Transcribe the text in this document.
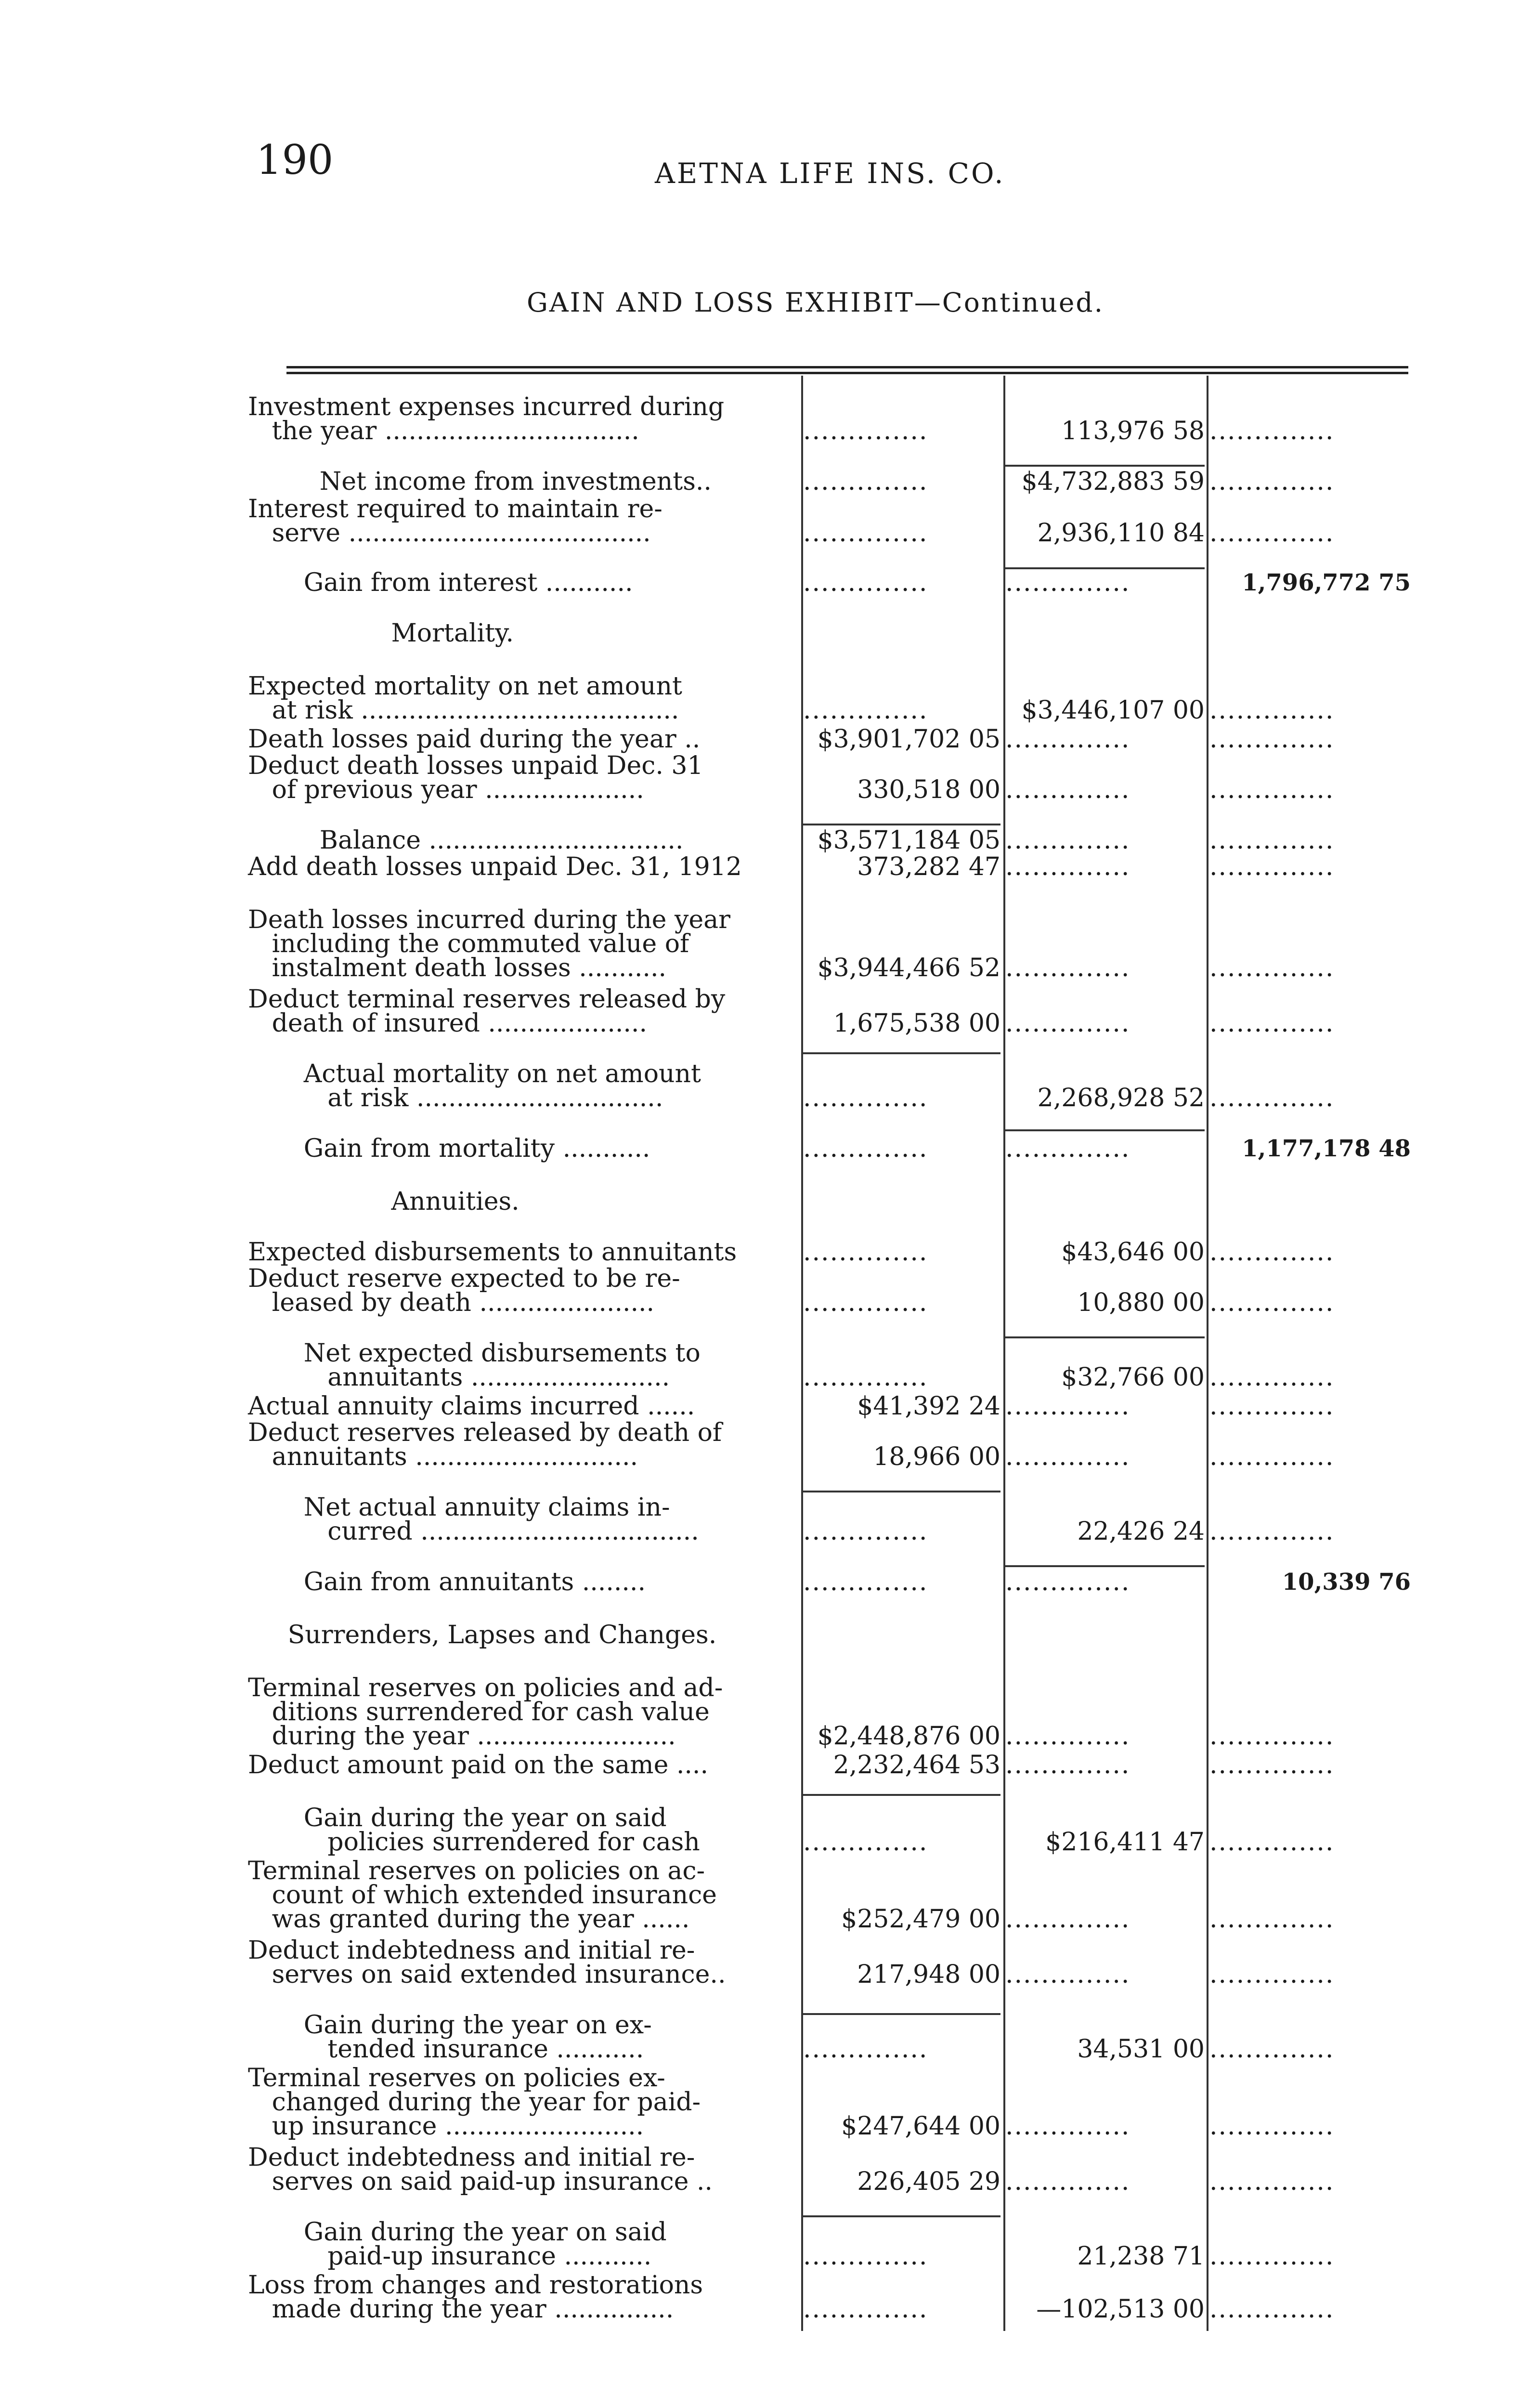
190	AETNA LIFE INS. CO.
GAIN AND LOSS EXHIBIT—Continued.
Investment expenses incurred during
the year ................................	..............	113,976 58 ..............
Net income from investments..	..............	$4,732,883 59 ..............
Interest required to maintain re-
serve ......................................	..............	2,936,110 84 ..............
Gain from interest ...........	..............	..............	1,796,772 75
Mortality.
Expected mortality on net amount
at risk ........................................	..............	$3,446,107 00 ..............
Death losses paid during the year ..	$3,901,702 05 ..............	..............
Deduct death losses unpaid Dec. 31
of previous year ....................	330,518 00 ..............	..............
Balance ................................	$3,571,184 05 ..............	..............
Add death losses unpaid Dec. 31, 1912	373,282 47 ..............	..............
Death losses incurred during the year
including the commuted value of
instalment death losses ...........	$3,944,466 52 ..............	..............
Deduct terminal reserves released by
death of insured ....................	1,675,538 00 ..............	..............
Actual mortality on net amount
at risk ...............................	..............	2,268,928 52 ..............
Gain from mortality ...........	..............	..............	1,177,178 48
Annuities.
Expected disbursements to annuitants	..............	$43,646 00 ..............
Deduct reserve expected to be re-
leased by death ......................	..............	10,880 00 ..............
Net expected disbursements to
annuitants .........................	..............	$32,766 00 ..............
Actual annuity claims incurred ......	$41,392 24 ..............	..............
Deduct reserves released by death of
annuitants ............................	18,966 00 ..............	..............
Net actual annuity claims in-
curred ...................................	..............	22,426 24 ..............
Gain from annuitants ........	..............	..............	10,339 76
Surrenders, Lapses and Changes.
Terminal reserves on policies and ad-
ditions surrendered for cash value
during the year .........................	$2,448,876 00 ..............	..............
Deduct amount paid on the same ....	2,232,464 53 ..............	..............
Gain during the year on said
policies surrendered for cash	..............	$216,411 47 ..............
Terminal reserves on policies on ac-
count of which extended insurance
was granted during the year ......	$252,479 00 ..............	..............
Deduct indebtedness and initial re-
serves on said extended insurance..	217,948 00 ..............	..............
Gain during the year on ex-
tended insurance ...........	..............	34,531 00 ..............
Terminal reserves on policies ex-
changed during the year for paid-
up insurance .........................	$247,644 00 ..............	..............
Deduct indebtedness and initial re-
serves on said paid-up insurance ..	226,405 29 ..............	..............
Gain during the year on said
paid-up insurance ...........	..............	21,238 71 ..............
Loss from changes and restorations
made during the year ...............	..............	—102,513 00 ..............
